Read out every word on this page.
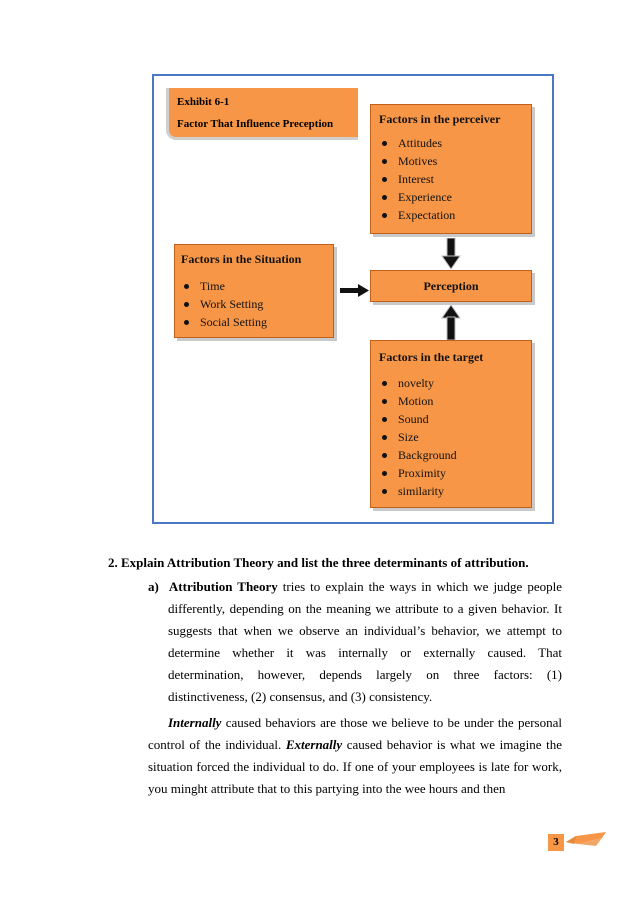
Exhibit 6-1
Factor That Influence Preception	Factors in the perceiver
Attitudes
Motives
Interest
Experience
Expectation
Factors in the Situation
Time
Work Setting
Social Setting
Perception
Factors in the target
novelty
Motion
Sound
Size
Background
Proximity
similarity
2. Explain Attribution Theory and list the three determinants of attribution.

a) Attribution Theory tries to explain the ways in which we judge people differently, depending on the meaning we attribute to a given behavior. It suggests that when we observe an individual’s behavior, we attempt to determine whether it was internally or externally caused. That determination, however, depends largely on three factors: (1) distinctiveness, (2) consensus, and (3) consistency.

Internally caused behaviors are those we believe to be under the personal control of the individual. Externally caused behavior is what we imagine the situation forced the individual to do. If one of your employees is late for work, you minght attribute that to this partying into the wee hours and then

3
